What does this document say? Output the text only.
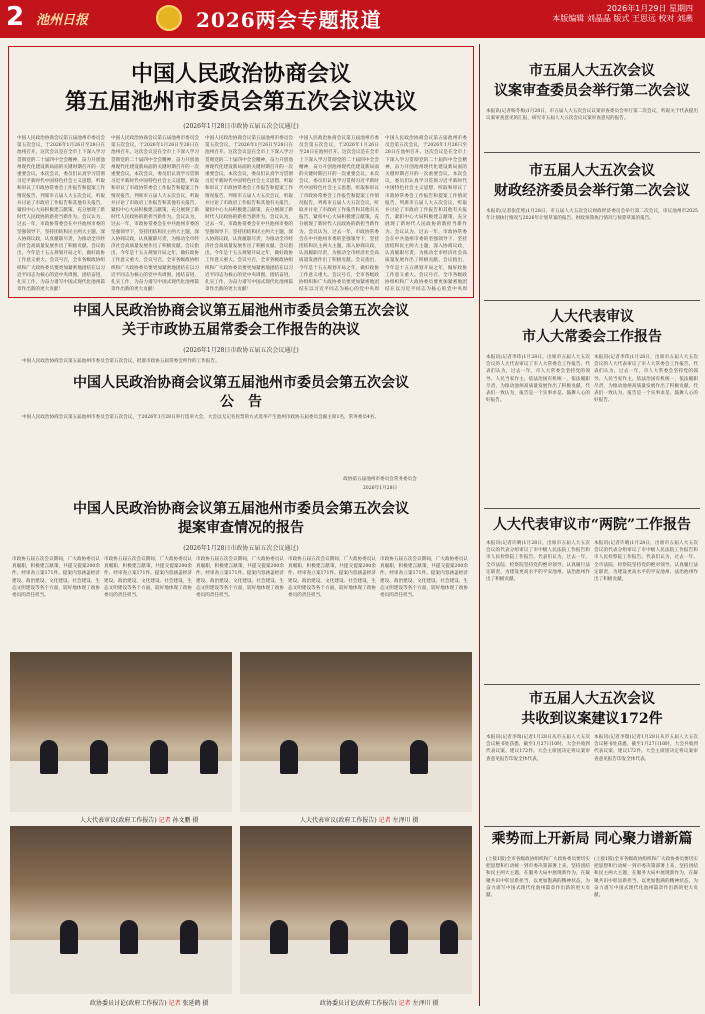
2 池州日报	2026两会专题报道	2026年1月29日 星期四
本版编辑 刘晶晶 版式 王思远 校对 刘燕
中国人民政治协商会议
第五届池州市委员会第五次会议决议
(2026年1月28日市政协五届五次会议通过)
中国人民政治协商会议第五届池州市委员会第五次会议，于2026年1月26日至28日在池州召开。这次会议是在全市上下深入学习贯彻党的二十届四中全会精神，奋力开创池州现代化建设新局面的关键时期召开的一次重要会议。本次会议，委员们认真学习贯彻习近平新时代中国特色社会主义思想，听取和审议了市政协常委会工作报告和提案工作情况报告，列席市五届人大五次会议，听取并讨论了市政府工作报告和其他有关报告，紧扣中心大局积极建言献策，充分展现了新时代人民政协的新担当新作为。会议认为，过去一年，市政协常委会在中共池州市委的坚强领导下，坚持团结和民主两大主题，深入协商议政，认真履职尽责，为推动全市经济社会高质量发展作出了积极贡献。会议指出，今年是十五五规划开局之年，做好政协工作意义重大。会议号召，全市各级政协组织和广大政协委员要更加紧密地团结在以习近平同志为核心的党中央周围，团结奋进，扎实工作，为奋力谱写中国式现代化池州篇章作出新的更大贡献！
中国人民政治协商会议第五届池州市委员会第五次会议，于2026年1月26日至28日在池州召开。这次会议是在全市上下深入学习贯彻党的二十届四中全会精神，奋力开创池州现代化建设新局面的关键时期召开的一次重要会议。本次会议，委员们认真学习贯彻习近平新时代中国特色社会主义思想，听取和审议了市政协常委会工作报告和提案工作情况报告，列席市五届人大五次会议，听取并讨论了市政府工作报告和其他有关报告，紧扣中心大局积极建言献策，充分展现了新时代人民政协的新担当新作为。会议认为，过去一年，市政协常委会在中共池州市委的坚强领导下，坚持团结和民主两大主题，深入协商议政，认真履职尽责，为推动全市经济社会高质量发展作出了积极贡献。会议指出，今年是十五五规划开局之年，做好政协工作意义重大。会议号召，全市各级政协组织和广大政协委员要更加紧密地团结在以习近平同志为核心的党中央周围，团结奋进，扎实工作，为奋力谱写中国式现代化池州篇章作出新的更大贡献！
中国人民政治协商会议第五届池州市委员会第五次会议，于2026年1月26日至28日在池州召开。这次会议是在全市上下深入学习贯彻党的二十届四中全会精神，奋力开创池州现代化建设新局面的关键时期召开的一次重要会议。本次会议，委员们认真学习贯彻习近平新时代中国特色社会主义思想，听取和审议了市政协常委会工作报告和提案工作情况报告，列席市五届人大五次会议，听取并讨论了市政府工作报告和其他有关报告，紧扣中心大局积极建言献策，充分展现了新时代人民政协的新担当新作为。会议认为，过去一年，市政协常委会在中共池州市委的坚强领导下，坚持团结和民主两大主题，深入协商议政，认真履职尽责，为推动全市经济社会高质量发展作出了积极贡献。会议指出，今年是十五五规划开局之年，做好政协工作意义重大。会议号召，全市各级政协组织和广大政协委员要更加紧密地团结在以习近平同志为核心的党中央周围，团结奋进，扎实工作，为奋力谱写中国式现代化池州篇章作出新的更大贡献！
中国人民政治协商会议第五届池州市委员会第五次会议，于2026年1月26日至28日在池州召开。这次会议是在全市上下深入学习贯彻党的二十届四中全会精神，奋力开创池州现代化建设新局面的关键时期召开的一次重要会议。本次会议，委员们认真学习贯彻习近平新时代中国特色社会主义思想，听取和审议了市政协常委会工作报告和提案工作情况报告，列席市五届人大五次会议，听取并讨论了市政府工作报告和其他有关报告，紧扣中心大局积极建言献策，充分展现了新时代人民政协的新担当新作为。会议认为，过去一年，市政协常委会在中共池州市委的坚强领导下，坚持团结和民主两大主题，深入协商议政，认真履职尽责，为推动全市经济社会高质量发展作出了积极贡献。会议指出，今年是十五五规划开局之年，做好政协工作意义重大。会议号召，全市各级政协组织和广大政协委员要更加紧密地团结在以习近平同志为核心的党中央周
中国人民政治协商会议第五届池州市委员会第五次会议，于2026年1月26日至28日在池州召开。这次会议是在全市上下深入学习贯彻党的二十届四中全会精神，奋力开创池州现代化建设新局面的关键时期召开的一次重要会议。本次会议，委员们认真学习贯彻习近平新时代中国特色社会主义思想，听取和审议了市政协常委会工作报告和提案工作情况报告，列席市五届人大五次会议，听取并讨论了市政府工作报告和其他有关报告，紧扣中心大局积极建言献策，充分展现了新时代人民政协的新担当新作为。会议认为，过去一年，市政协常委会在中共池州市委的坚强领导下，坚持团结和民主两大主题，深入协商议政，认真履职尽责，为推动全市经济社会高质量发展作出了积极贡献。会议指出，今年是十五五规划开局之年，做好政协工作意义重大。会议号召，全市各级政协组织和广大政协委员要更加紧密地团结在以习近平同志为核心的党中央周
中国人民政治协商会议第五届池州市委员会第五次会议
关于市政协五届常委会工作报告的决议
(2026年1月28日市政协五届五次会议通过)
中国人民政治协商会议第五届池州市委员会第五次会议，批准市政协五届常委会所作的工作报告。
中国人民政治协商会议第五届池州市委员会第五次会议
公　告
中国人民政治协商会议第五届池州市委员会第五次会议，于2026年1月28日举行选举大会，大会以无记名投票的方式选举产生池州市政协五届委员会副主席1名，常务委员4名。
政协第五届池州市委员会常务委员会
2026年1月28日
中国人民政治协商会议第五届池州市委员会第五次会议
提案审查情况的报告
(2026年1月28日市政协五届五次会议通过)
市政协五届五次会议期间，广大政协委员认真履职，积极建言献策，共提交提案200余件，经审查立案171件。提案内容涵盖经济建设、政治建设、文化建设、社会建设、生态文明建设等各个方面，较好地体现了政协委员的责任担当。
市政协五届五次会议期间，广大政协委员认真履职，积极建言献策，共提交提案200余件，经审查立案171件。提案内容涵盖经济建设、政治建设、文化建设、社会建设、生态文明建设等各个方面，较好地体现了政协委员的责任担当。
市政协五届五次会议期间，广大政协委员认真履职，积极建言献策，共提交提案200余件，经审查立案171件。提案内容涵盖经济建设、政治建设、文化建设、社会建设、生态文明建设等各个方面，较好地体现了政协委员的责任担当。
市政协五届五次会议期间，广大政协委员认真履职，积极建言献策，共提交提案200余件，经审查立案171件。提案内容涵盖经济建设、政治建设、文化建设、社会建设、生态文明建设等各个方面，较好地体现了政协委员的责任担当。
市政协五届五次会议期间，广大政协委员认真履职，积极建言献策，共提交提案200余件，经审查立案171件。提案内容涵盖经济建设、政治建设、文化建设、社会建设、生态文明建设等各个方面，较好地体现了政协委员的责任担当。
人大代表审议(政府工作报告) 记者 孙文鹏 摄	人大代表审议(政府工作报告) 记者 左泽川 摄
政协委员讨论(政府工作报告) 记者 张延鹤 摄	政协委员讨论(政府工作报告) 记者 左泽川 摄
市五届人大五次会议
议案审查委员会举行第二次会议
本报讯(记者杨冬梅)1月28日，市五届人大五次会议议案审查委员会举行第二次会议，听取关于代表提出议案审查意见的汇报，研究市五届人大五次会议议案审查意见的报告。
市五届人大五次会议
财政经济委员会举行第二次会议
本报讯(记者张佳纯)1月28日，市五届人大五次会议财政经济委员会举行第二次会议，审议池州市2025年计划执行情况与2026年计划草案的报告、财政预算执行情况与预算草案的报告。
人大代表审议
市人大常委会工作报告
本报讯(记者李玮)1月28日，出席市五届人大五次会议的人大代表审议了市人大常委会工作报告。代表们认为，过去一年，市人大常委会坚持党的领导、人民当家作主、依法治国有机统一，依法履职尽责，为推动池州高质量发展作出了积极贡献。代表们一致认为，报告是一个实事求是、鼓舞人心的好报告。
本报讯(记者李玮)1月28日，出席市五届人大五次会议的人大代表审议了市人大常委会工作报告。代表们认为，过去一年，市人大常委会坚持党的领导、人民当家作主、依法治国有机统一，依法履职尽责，为推动池州高质量发展作出了积极贡献。代表们一致认为，报告是一个实事求是、鼓舞人心的好报告。
人大代表审议市“两院”工作报告
本报讯(记者许晴)1月28日，出席市五届人大五次会议的代表分组审议了市中级人民法院工作报告和市人民检察院工作报告。代表们认为，过去一年，全市法院、检察院坚持党的绝对领导，认真履行法定职责，为建设更高水平的平安池州、法治池州作出了积极贡献。
本报讯(记者许晴)1月28日，出席市五届人大五次会议的代表分组审议了市中级人民法院工作报告和市人民检察院工作报告。代表们认为，过去一年，全市法院、检察院坚持党的绝对领导，认真履行法定职责，为建设更高水平的平安池州、法治池州作出了积极贡献。
市五届人大五次会议
共收到议案建议172件
本报讯(记者李瑞)记者1月28日从市五届人大五次会议秘书处获悉，截至1月27日10时，大会共收到代表议案、建议172件。大会主席团决定将议案审查意见报告印发全体代表。
本报讯(记者李瑞)记者1月28日从市五届人大五次会议秘书处获悉，截至1月27日10时，大会共收到代表议案、建议172件。大会主席团决定将议案审查意见报告印发全体代表。
乘势而上开新局 同心聚力谱新篇
(上接1版)全市各级政协组织和广大政协委员要切实把思想和行动统一到市委决策部署上来，坚持团结和民主两大主题，在服务大局中展现新作为，在凝聚共识中彰显新担当，以更加饱满的精神状态，为奋力谱写中国式现代化池州篇章作出新的更大贡献。
(上接1版)全市各级政协组织和广大政协委员要切实把思想和行动统一到市委决策部署上来，坚持团结和民主两大主题，在服务大局中展现新作为，在凝聚共识中彰显新担当，以更加饱满的精神状态，为奋力谱写中国式现代化池州篇章作出新的更大贡献。
